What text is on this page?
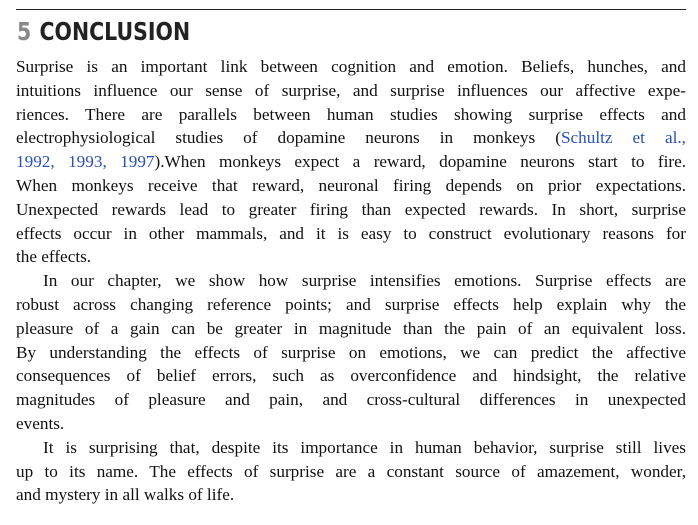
5 CONCLUSION

Surprise is an important link between cognition and emotion. Beliefs, hunches, and
intuitions influence our sense of surprise, and surprise influences our affective expe-
riences. There are parallels between human studies showing surprise effects and
electrophysiological studies of dopamine neurons in monkeys (Schultz et al.,
1992, 1993, 1997).When monkeys expect a reward, dopamine neurons start to fire.
When monkeys receive that reward, neuronal firing depends on prior expectations.
Unexpected rewards lead to greater firing than expected rewards. In short, surprise
effects occur in other mammals, and it is easy to construct evolutionary reasons for
the effects.

In our chapter, we show how surprise intensifies emotions. Surprise effects are
robust across changing reference points; and surprise effects help explain why the
pleasure of a gain can be greater in magnitude than the pain of an equivalent loss.
By understanding the effects of surprise on emotions, we can predict the affective
consequences of belief errors, such as overconfidence and hindsight, the relative
magnitudes of pleasure and pain, and cross-cultural differences in unexpected
events.

It is surprising that, despite its importance in human behavior, surprise still lives
up to its name. The effects of surprise are a constant source of amazement, wonder,
and mystery in all walks of life.
